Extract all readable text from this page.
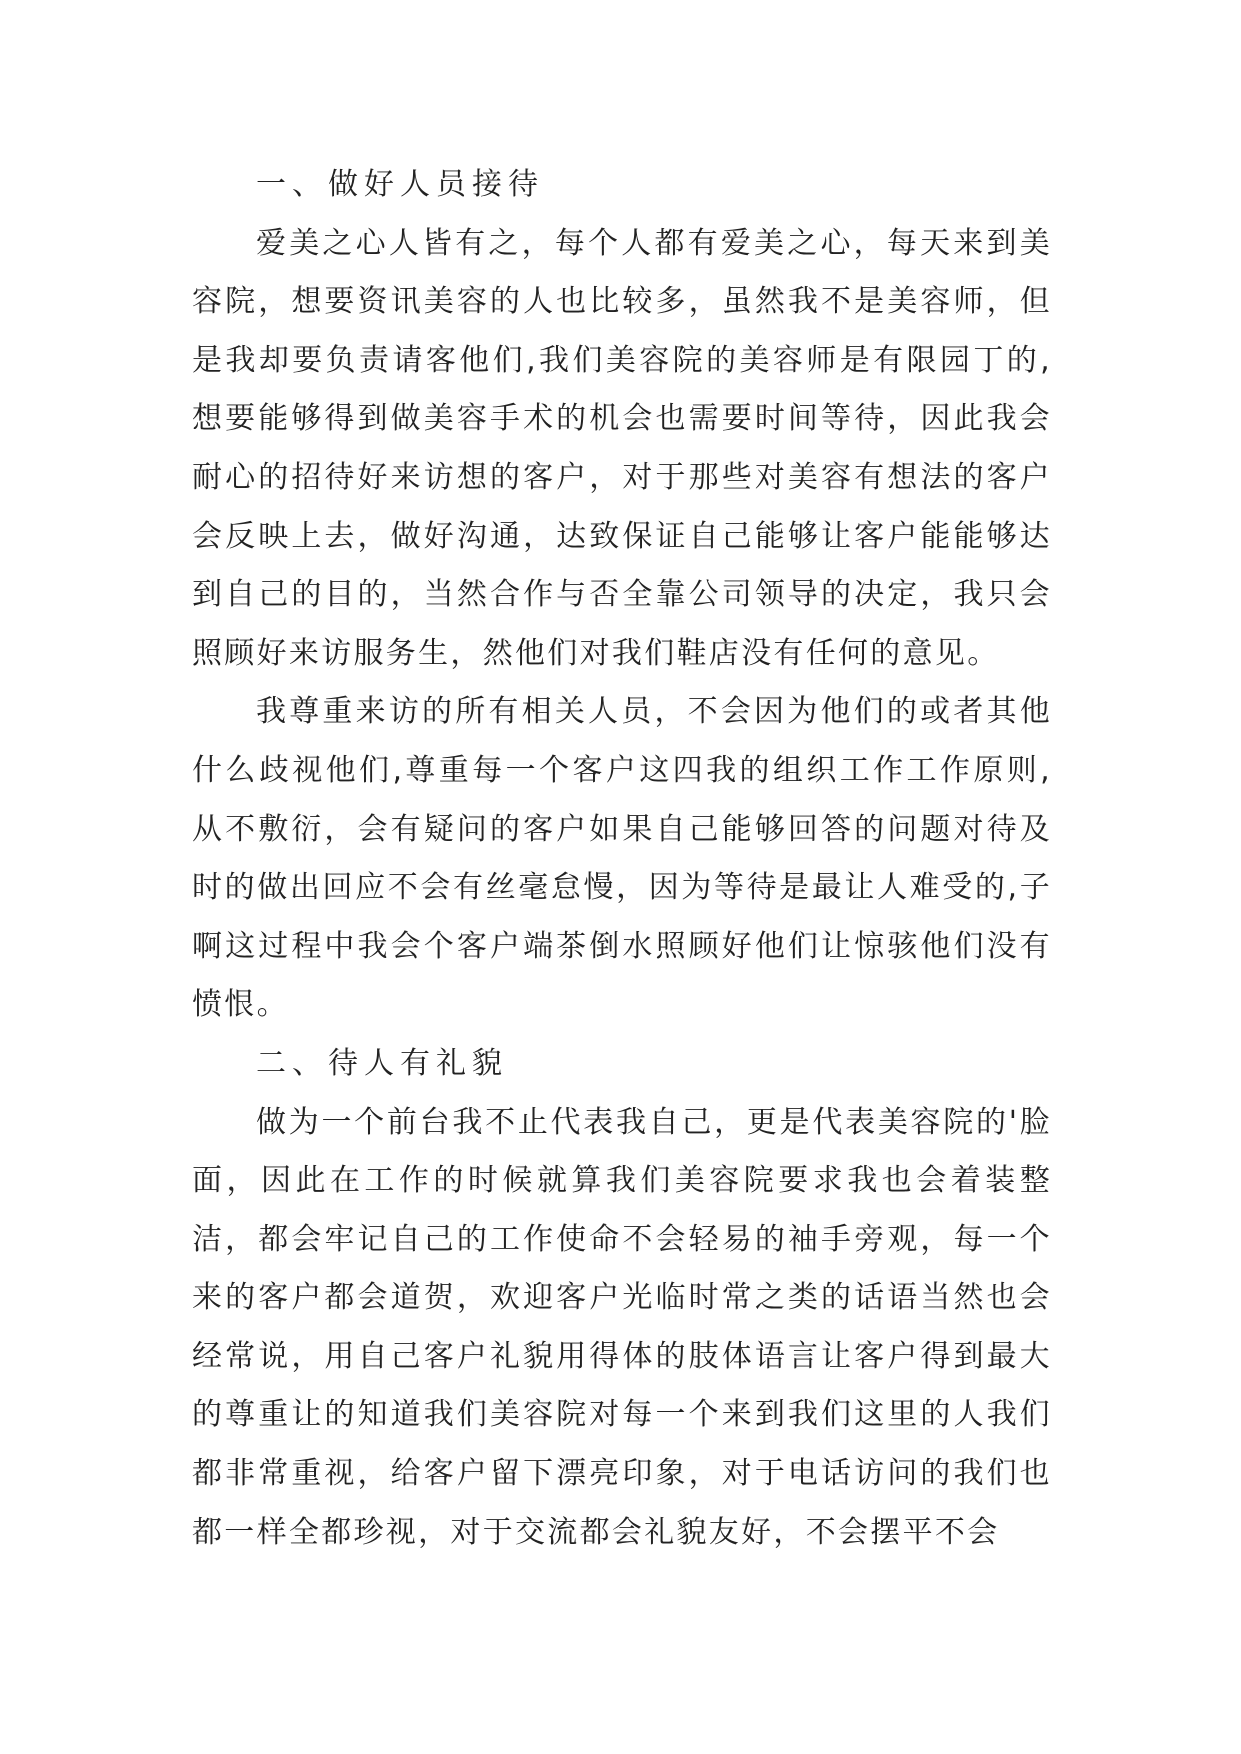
一、做好人员接待

爱美之心人皆有之，每个人都有爱美之心，每天来到美容院，想要资讯美容的人也比较多，虽然我不是美容师，但是我却要负责请客他们,我们美容院的美容师是有限园丁的,想要能够得到做美容手术的机会也需要时间等待，因此我会耐心的招待好来访想的客户，对于那些对美容有想法的客户会反映上去，做好沟通，达致保证自己能够让客户能能够达到自己的目的，当然合作与否全靠公司领导的决定，我只会照顾好来访服务生，然他们对我们鞋店没有任何的意见。

我尊重来访的所有相关人员，不会因为他们的或者其他什么歧视他们,尊重每一个客户这四我的组织工作工作原则,从不敷衍，会有疑问的客户如果自己能够回答的问题对待及时的做出回应不会有丝毫怠慢，因为等待是最让人难受的,子啊这过程中我会个客户端茶倒水照顾好他们让惊骇他们没有愤恨。

二、待人有礼貌

做为一个前台我不止代表我自己，更是代表美容院的'脸面，因此在工作的时候就算我们美容院要求我也会着装整洁，都会牢记自己的工作使命不会轻易的袖手旁观，每一个来的客户都会道贺，欢迎客户光临时常之类的话语当然也会经常说，用自己客户礼貌用得体的肢体语言让客户得到最大的尊重让的知道我们美容院对每一个来到我们这里的人我们都非常重视，给客户留下漂亮印象，对于电话访问的我们也都一样全都珍视，对于交流都会礼貌友好，不会摆平不会
